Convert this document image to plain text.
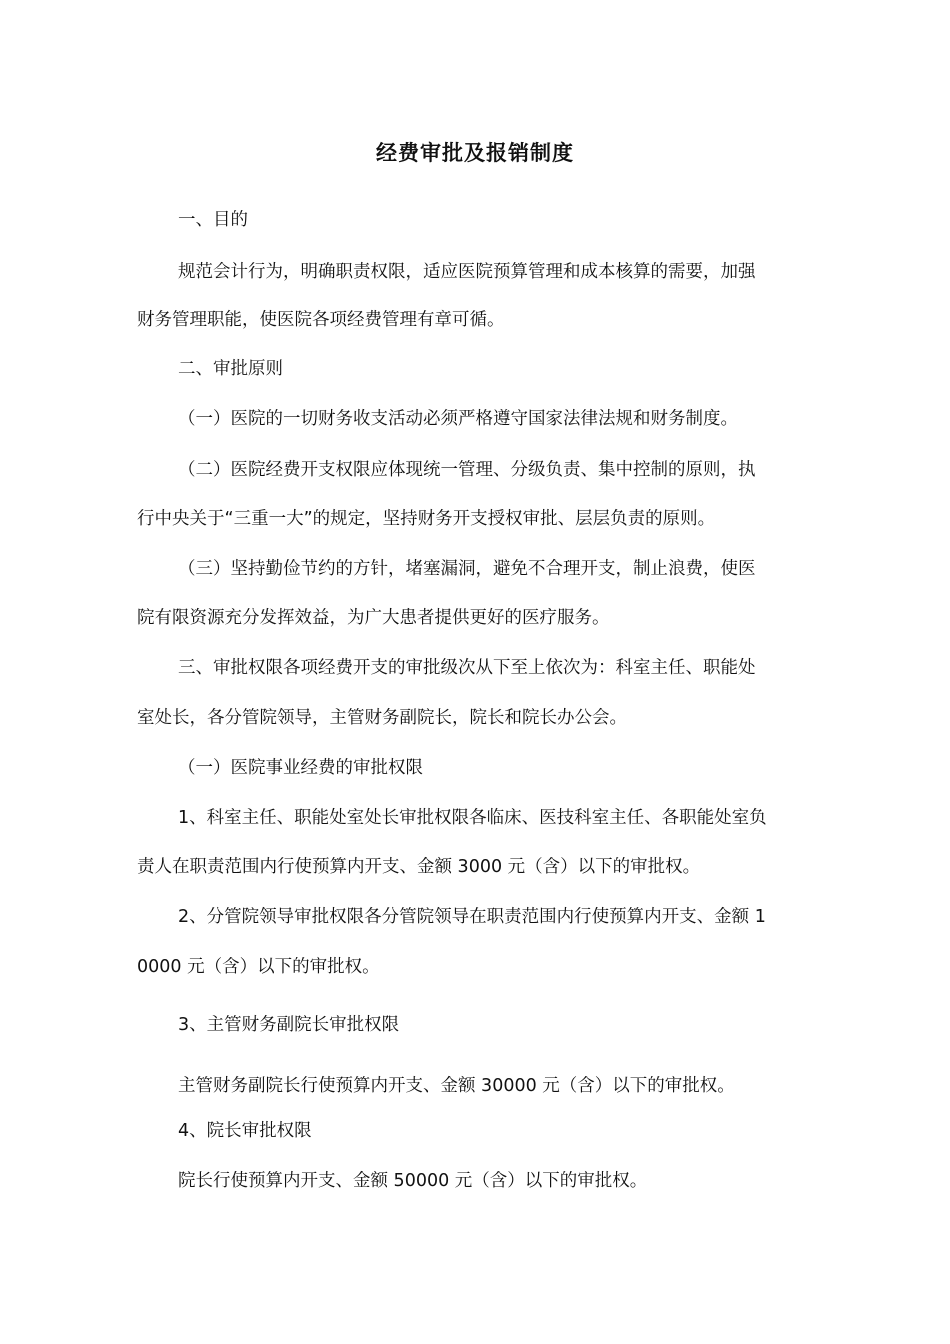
经费审批及报销制度
一、目的
规范会计行为，明确职责权限，适应医院预算管理和成本核算的需要，加强
财务管理职能，使医院各项经费管理有章可循。
二、审批原则
（一）医院的一切财务收支活动必须严格遵守国家法律法规和财务制度。
（二）医院经费开支权限应体现统一管理、分级负责、集中控制的原则，执
行中央关于“三重一大”的规定，坚持财务开支授权审批、层层负责的原则。
（三）坚持勤俭节约的方针，堵塞漏洞，避免不合理开支，制止浪费，使医
院有限资源充分发挥效益，为广大患者提供更好的医疗服务。
三、审批权限各项经费开支的审批级次从下至上依次为：科室主任、职能处
室处长，各分管院领导，主管财务副院长，院长和院长办公会。
（一）医院事业经费的审批权限
1、科室主任、职能处室处长审批权限各临床、医技科室主任、各职能处室负
责人在职责范围内行使预算内开支、金额 3000 元（含）以下的审批权。
2、分管院领导审批权限各分管院领导在职责范围内行使预算内开支、金额 1
0000 元（含）以下的审批权。
3、主管财务副院长审批权限
主管财务副院长行使预算内开支、金额 30000 元（含）以下的审批权。
4、院长审批权限
院长行使预算内开支、金额 50000 元（含）以下的审批权。
